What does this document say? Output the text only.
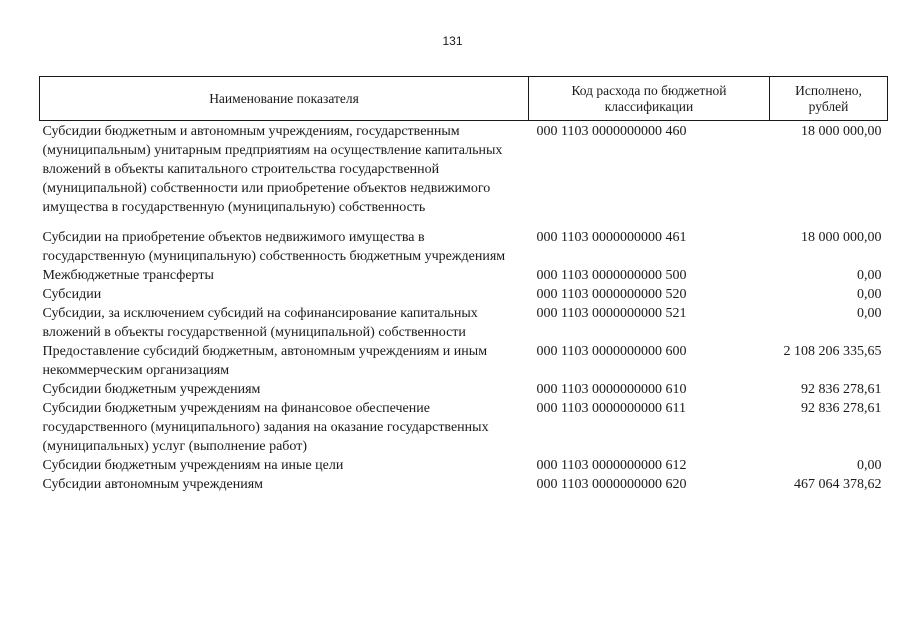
131
Наименование показателя	Код расхода по бюджетной классификации	Исполнено, рублей
Субсидии бюджетным и автономным учреждениям, государственным (муниципальным) унитарным предприятиям на осуществление капитальных вложений в объекты капитального строительства государственной (муниципальной) собственности или приобретение объектов недвижимого имущества в государственную (муниципальную) собственность	000 1103 0000000000 460	18 000 000,00
Субсидии на приобретение объектов недвижимого имущества в государственную (муниципальную) собственность бюджетным учреждениям	000 1103 0000000000 461	18 000 000,00
Межбюджетные трансферты	000 1103 0000000000 500	0,00
Субсидии	000 1103 0000000000 520	0,00
Субсидии, за исключением субсидий на софинансирование капитальных вложений в объекты государственной (муниципальной) собственности	000 1103 0000000000 521	0,00
Предоставление субсидий бюджетным, автономным учреждениям и иным некоммерческим организациям	000 1103 0000000000 600	2 108 206 335,65
Субсидии бюджетным учреждениям	000 1103 0000000000 610	92 836 278,61
Субсидии бюджетным учреждениям на финансовое обеспечение государственного (муниципального) задания на оказание государственных (муниципальных) услуг (выполнение работ)	000 1103 0000000000 611	92 836 278,61
Субсидии бюджетным учреждениям на иные цели	000 1103 0000000000 612	0,00
Субсидии автономным учреждениям	000 1103 0000000000 620	467 064 378,62
